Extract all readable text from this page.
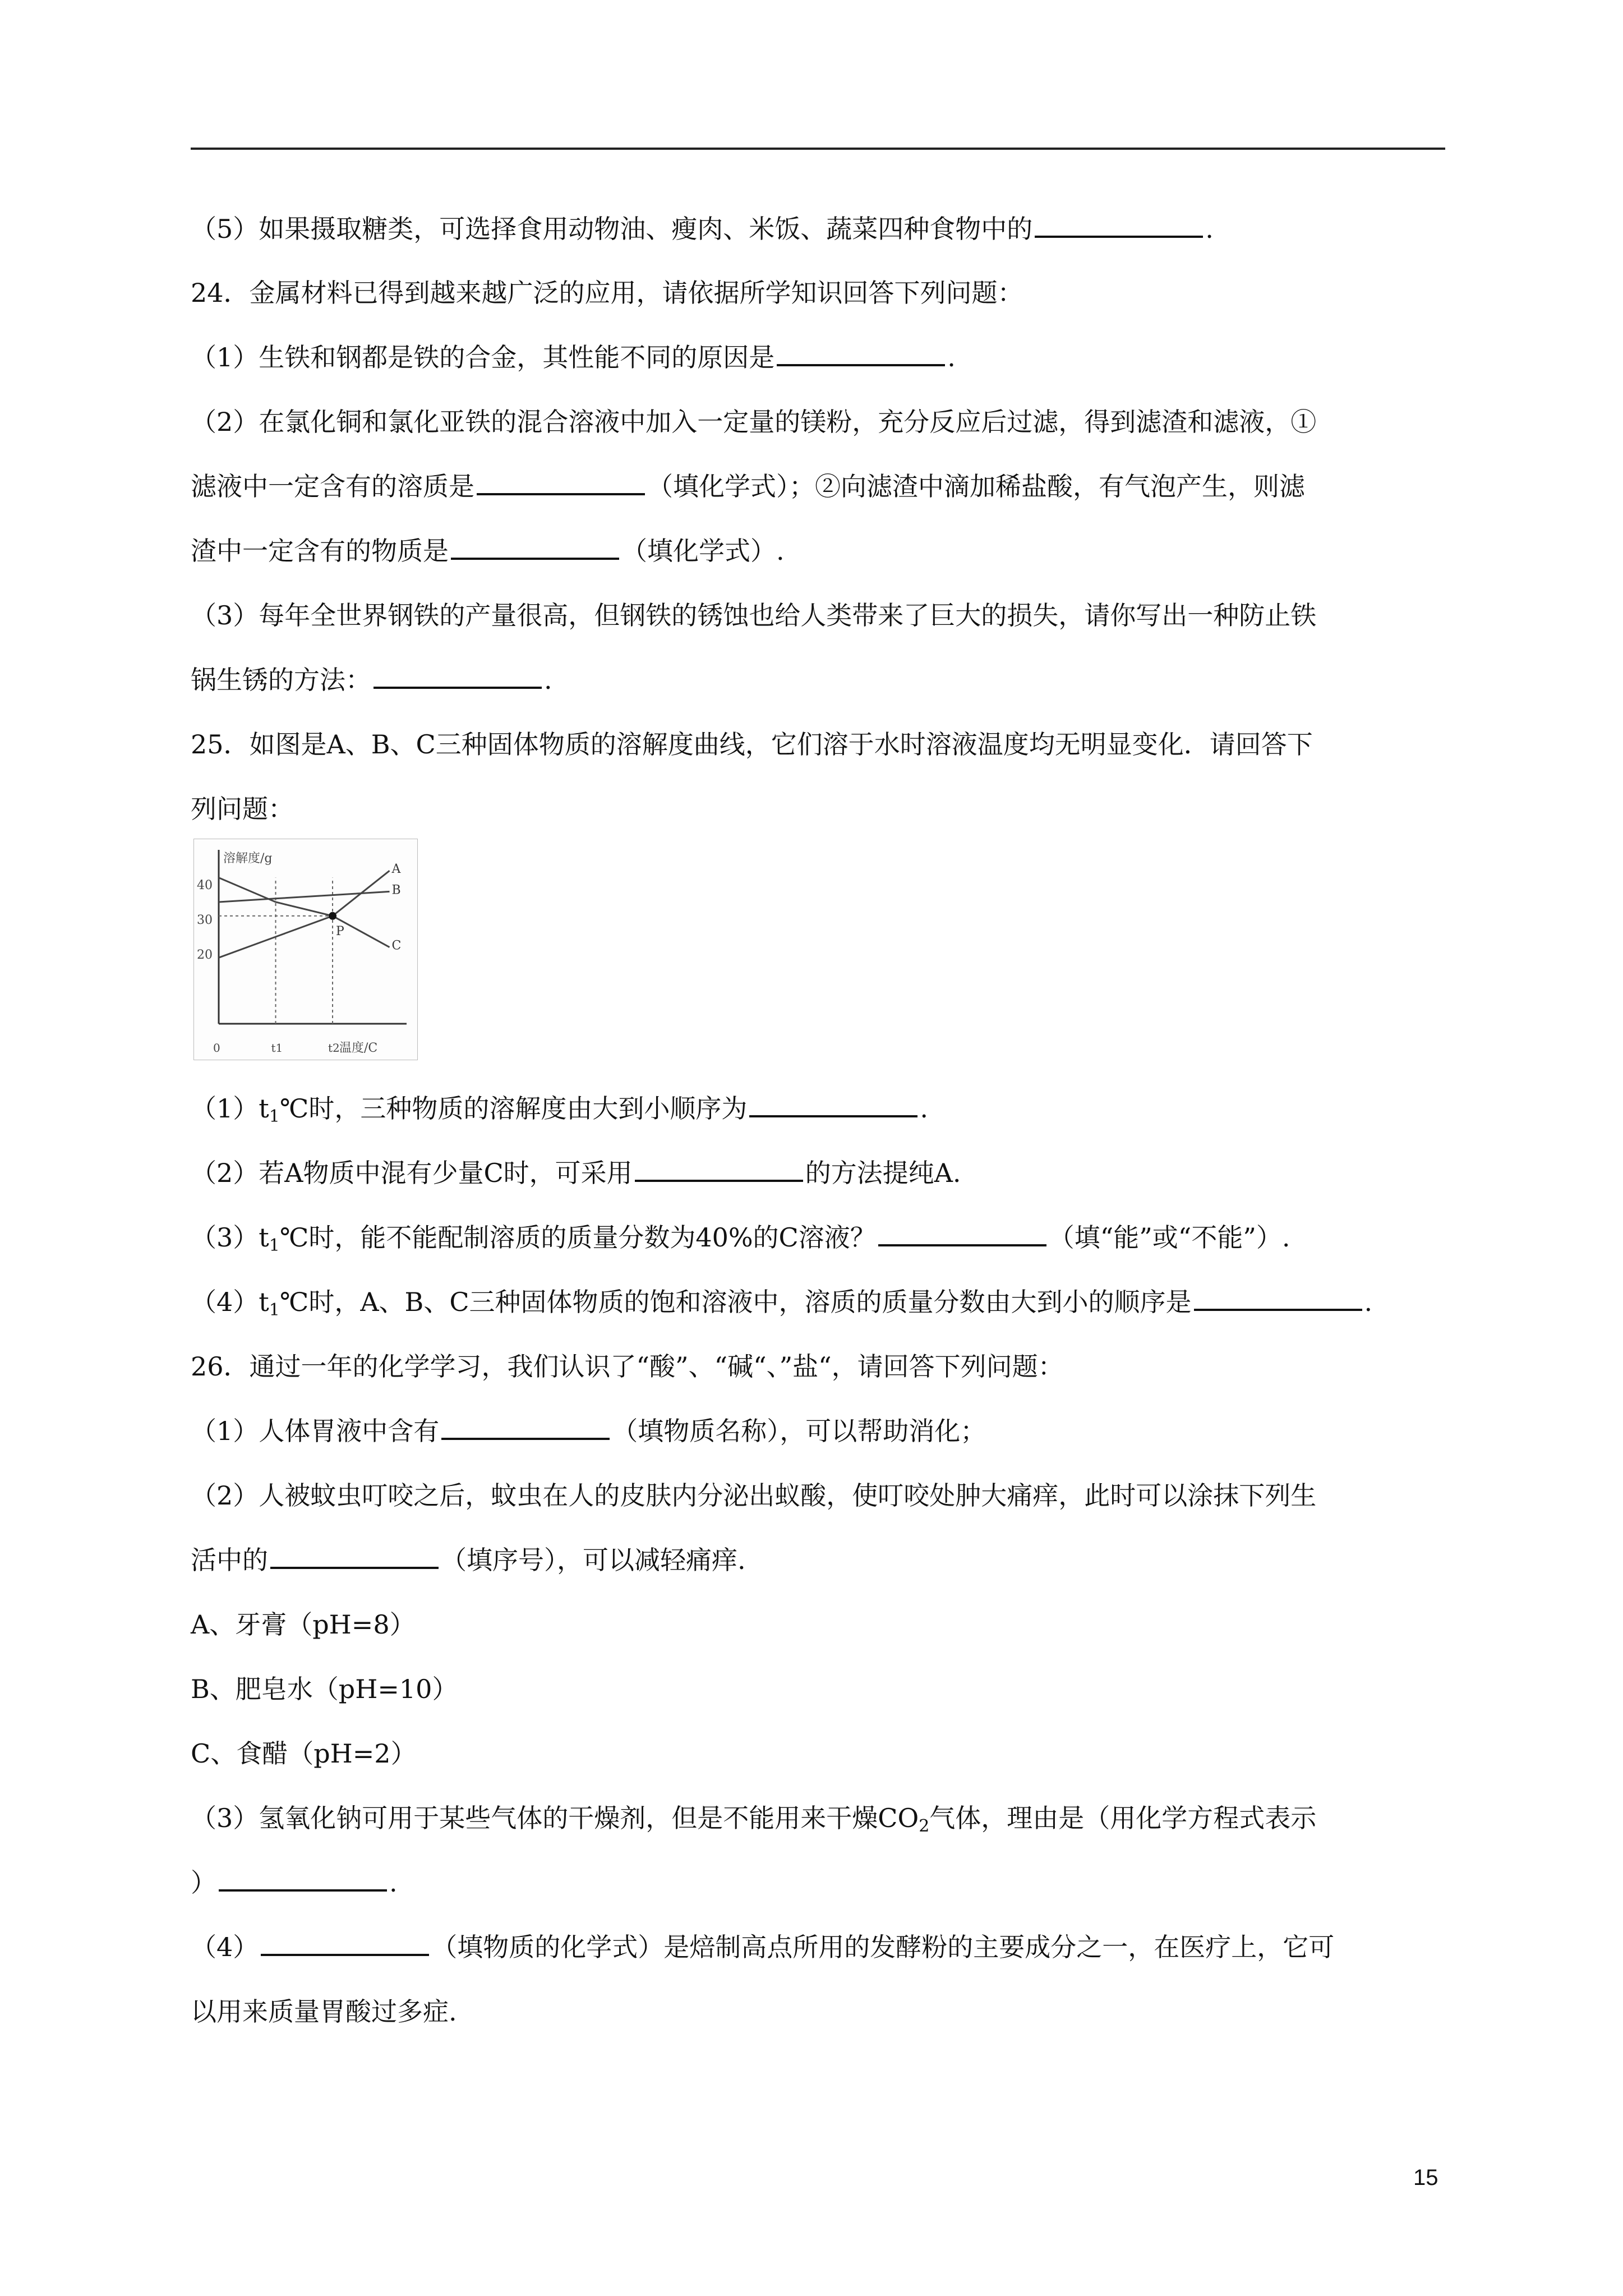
（5）如果摄取糖类，可选择食用动物油、瘦肉、米饭、蔬菜四种食物中的	.
24．金属材料已得到越来越广泛的应用，请依据所学知识回答下列问题：
（1）生铁和钢都是铁的合金，其性能不同的原因是	.
（2）在氯化铜和氯化亚铁的混合溶液中加入一定量的镁粉，充分反应后过滤，得到滤渣和滤液，①
滤液中一定含有的溶质是	（填化学式）；②向滤渣中滴加稀盐酸，有气泡产生，则滤
渣中一定含有的物质是	（填化学式）.
（3）每年全世界钢铁的产量很高，但钢铁的锈蚀也给人类带来了巨大的损失，请你写出一种防止铁
锅生锈的方法：	.
25．如图是A、B、C三种固体物质的溶解度曲线，它们溶于水时溶液温度均无明显变化．请回答下
列问题：
溶解度/g
温度/C
40
30
20
0	t1	t2
A
B
C
P
$(1)t_1℃$时，三种物质的溶解度由大到小顺序为	.
（2）若A物质中混有少量C时，可采用	的方法提纯A.
$(3)t_1℃$时，能不能配制溶质的质量分数为40%的C溶液？	（填“能”或“不能”）.
$(4)t_1℃$时，A、B、C三种固体物质的饱和溶液中，溶质的质量分数由大到小的顺序是	.
26．通过一年的化学学习，我们认识了“酸”、“碱“、”盐“，请回答下列问题：
（1）人体胃液中含有	（填物质名称），可以帮助消化；
（2）人被蚊虫叮咬之后，蚊虫在人的皮肤内分泌出蚁酸，使叮咬处肿大痛痒，此时可以涂抹下列生
活中的	（填序号），可以减轻痛痒.
A、牙膏（pH=8）
B、肥皂水（pH=10）
C、食醋（pH=2）
（3）氢氧化钠可用于某些气体的干燥剂，但是不能用来干燥$CO_2$气体，理由是（用化学方程式表示
）	.
（4）	（填物质的化学式）是焙制高点所用的发酵粉的主要成分之一，在医疗上，它可
以用来质量胃酸过多症.
15
